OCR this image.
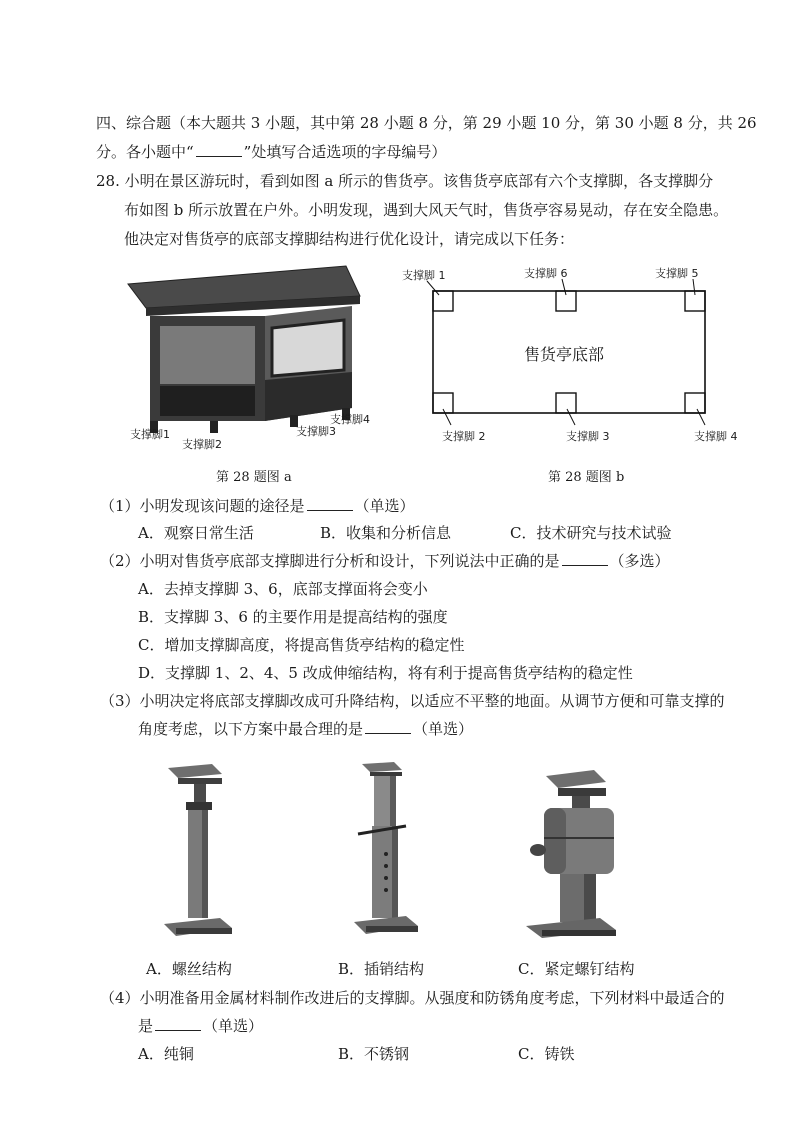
四、综合题（本大题共 3 小题，其中第 28 小题 8 分，第 29 小题 10 分，第 30 小题 8 分，共 26
分。各小题中“	”处填写合适选项的字母编号）
28. 小明在景区游玩时，看到如图 a 所示的售货亭。该售货亭底部有六个支撑脚，各支撑脚分
布如图 b 所示放置在户外。小明发现，遇到大风天气时，售货亭容易晃动，存在安全隐患。
他决定对售货亭的底部支撑脚结构进行优化设计，请完成以下任务：
支撑脚1
支撑脚2
支撑脚3
支撑脚4
第 28 题图 a
支撑脚 1	支撑脚 6	支撑脚 5
支撑脚 2	支撑脚 3	支撑脚 4
售货亭底部
第 28 题图 b
（1）小明发现该问题的途径是	（单选）
A．观察日常生活	B．收集和分析信息	C．技术研究与技术试验
（2）小明对售货亭底部支撑脚进行分析和设计，下列说法中正确的是	（多选）
A．去掉支撑脚 3、6，底部支撑面将会变小
B．支撑脚 3、6 的主要作用是提高结构的强度
C．增加支撑脚高度，将提高售货亭结构的稳定性
D．支撑脚 1、2、4、5 改成伸缩结构，将有利于提高售货亭结构的稳定性
（3）小明决定将底部支撑脚改成可升降结构，以适应不平整的地面。从调节方便和可靠支撑的
角度考虑，以下方案中最合理的是	（单选）
A．螺丝结构	B．插销结构	C．紧定螺钉结构
（4）小明准备用金属材料制作改进后的支撑脚。从强度和防锈角度考虑，下列材料中最适合的
是	（单选）
A．纯铜	B．不锈钢	C．铸铁
